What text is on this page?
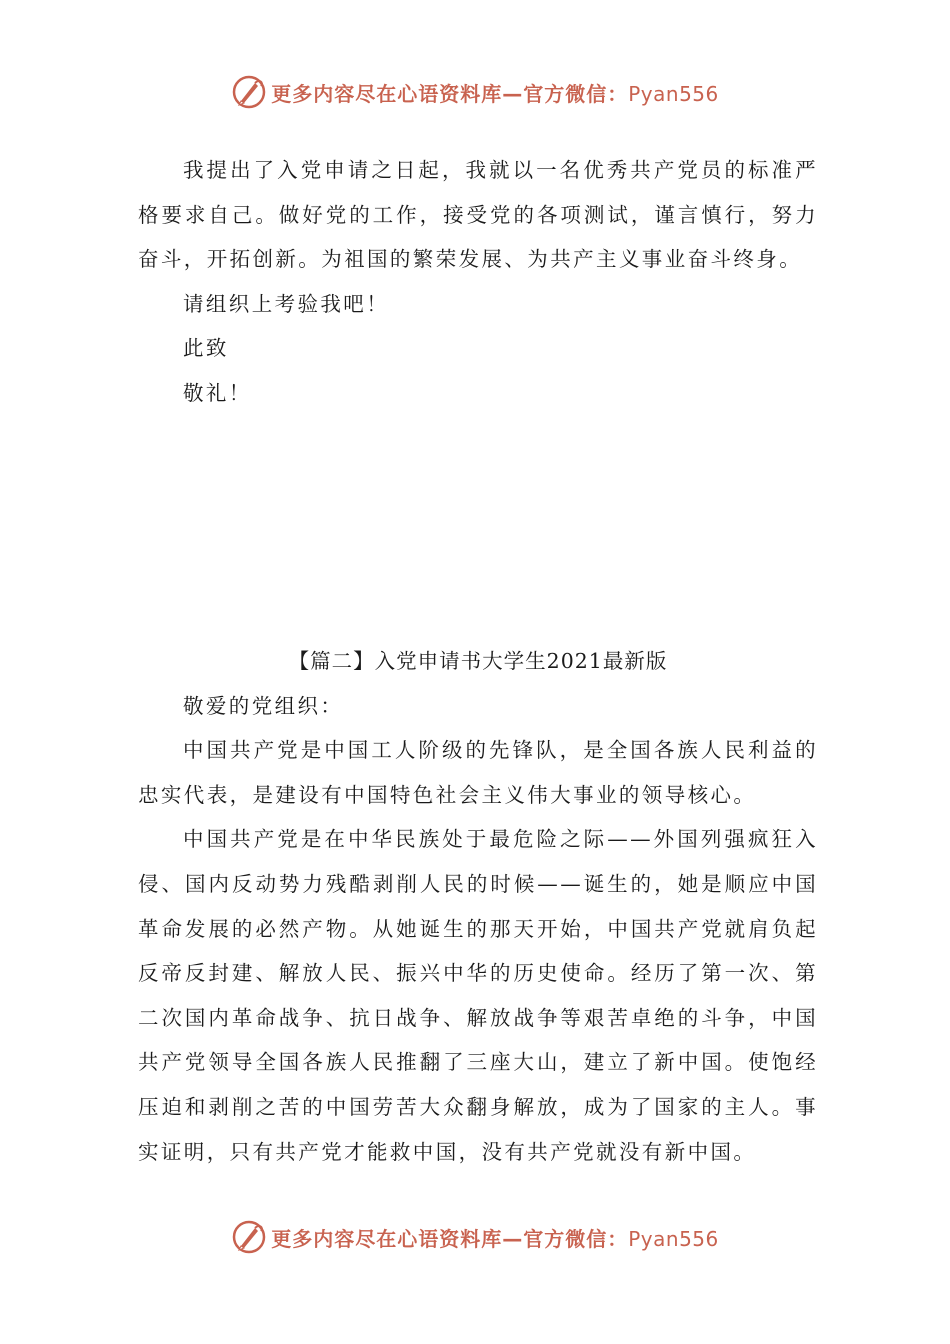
更多内容尽在心语资料库—官方微信：Pyan556

我提出了入党申请之日起，我就以一名优秀共产党员的标准严格要求自己。做好党的工作，接受党的各项测试，谨言慎行，努力奋斗，开拓创新。为祖国的繁荣发展、为共产主义事业奋斗终身。

请组织上考验我吧！

此致

敬礼！

【篇二】入党申请书大学生2021最新版

敬爱的党组织：

中国共产党是中国工人阶级的先锋队，是全国各族人民利益的忠实代表，是建设有中国特色社会主义伟大事业的领导核心。

中国共产党是在中华民族处于最危险之际——外国列强疯狂入侵、国内反动势力残酷剥削人民的时候——诞生的，她是顺应中国革命发展的必然产物。从她诞生的那天开始，中国共产党就肩负起反帝反封建、解放人民、振兴中华的历史使命。经历了第一次、第二次国内革命战争、抗日战争、解放战争等艰苦卓绝的斗争，中国共产党领导全国各族人民推翻了三座大山，建立了新中国。使饱经压迫和剥削之苦的中国劳苦大众翻身解放，成为了国家的主人。事实证明，只有共产党才能救中国，没有共产党就没有新中国。

更多内容尽在心语资料库—官方微信：Pyan556
